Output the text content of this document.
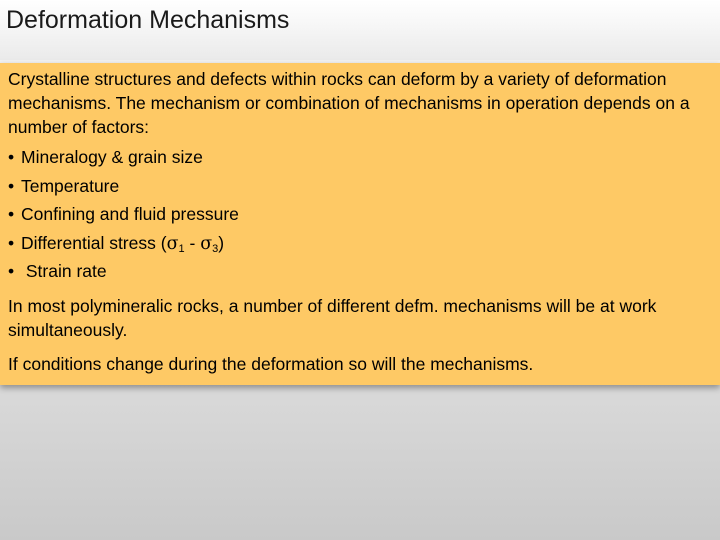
Deformation Mechanisms

Crystalline structures and defects within rocks can deform by a variety of deformation mechanisms. The mechanism or combination of mechanisms in operation depends on a number of factors:

• Mineralogy & grain size
• Temperature
• Confining and fluid pressure
• Differential stress $(\sigma_1 - \sigma_3)$
• Strain rate

In most polymineralic rocks, a number of different defm. mechanisms will be at work simultaneously.

If conditions change during the deformation so will the mechanisms.
